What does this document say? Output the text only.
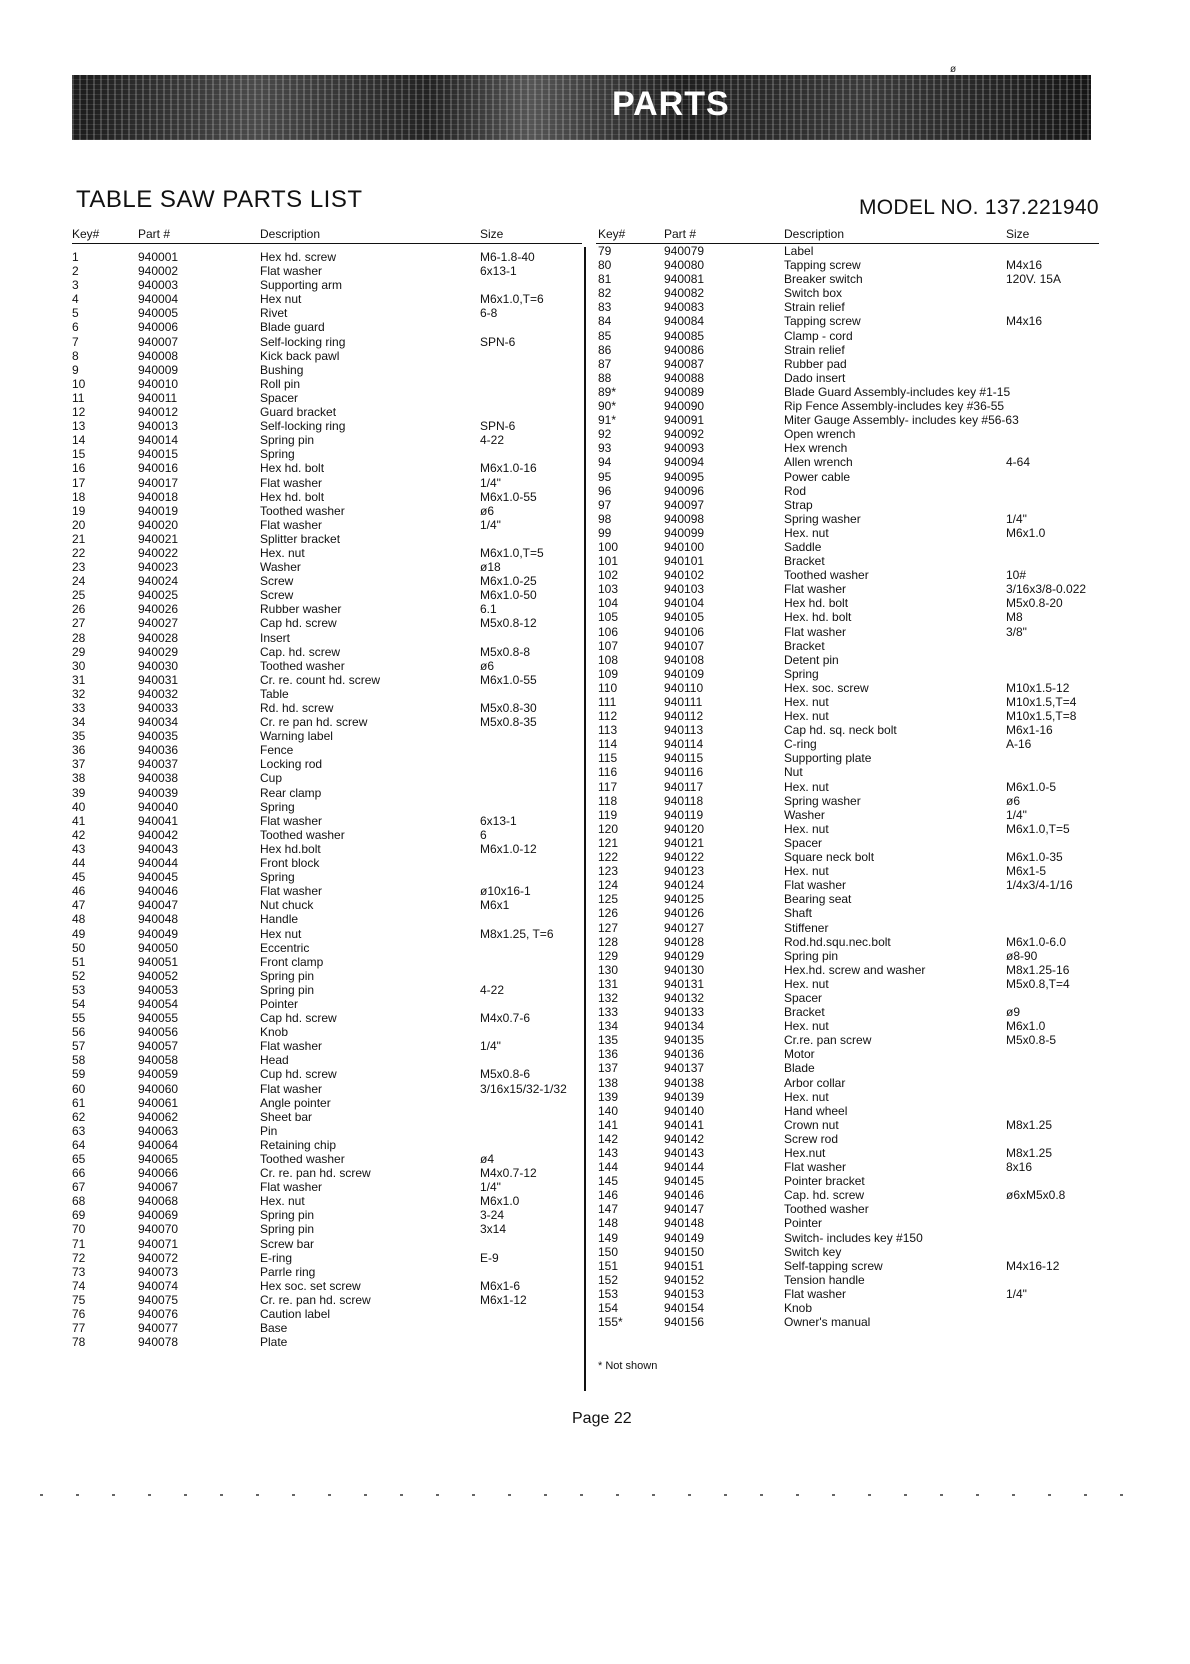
PARTS
TABLE SAW PARTS LIST	MODEL NO. 137.221940
ø
Key#	Part #	Description	Size
1	940001	Hex hd. screw	M6-1.8-40
2	940002	Flat washer	6x13-1
3	940003	Supporting arm
4	940004	Hex nut	M6x1.0,T=6
5	940005	Rivet	6-8
6	940006	Blade guard
7	940007	Self-locking ring	SPN-6
8	940008	Kick back pawl
9	940009	Bushing
10	940010	Roll pin
11	940011	Spacer
12	940012	Guard bracket
13	940013	Self-locking ring	SPN-6
14	940014	Spring pin	4-22
15	940015	Spring
16	940016	Hex hd. bolt	M6x1.0-16
17	940017	Flat washer	1/4"
18	940018	Hex hd. bolt	M6x1.0-55
19	940019	Toothed washer	ø6
20	940020	Flat washer	1/4"
21	940021	Splitter bracket
22	940022	Hex. nut	M6x1.0,T=5
23	940023	Washer	ø18
24	940024	Screw	M6x1.0-25
25	940025	Screw	M6x1.0-50
26	940026	Rubber washer	6.1
27	940027	Cap hd. screw	M5x0.8-12
28	940028	Insert
29	940029	Cap. hd. screw	M5x0.8-8
30	940030	Toothed washer	ø6
31	940031	Cr. re. count hd. screw	M6x1.0-55
32	940032	Table
33	940033	Rd. hd. screw	M5x0.8-30
34	940034	Cr. re pan hd. screw	M5x0.8-35
35	940035	Warning label
36	940036	Fence
37	940037	Locking rod
38	940038	Cup
39	940039	Rear clamp
40	940040	Spring
41	940041	Flat washer	6x13-1
42	940042	Toothed washer	6
43	940043	Hex hd.bolt	M6x1.0-12
44	940044	Front block
45	940045	Spring
46	940046	Flat washer	ø10x16-1
47	940047	Nut chuck	M6x1
48	940048	Handle
49	940049	Hex nut	M8x1.25, T=6
50	940050	Eccentric
51	940051	Front clamp
52	940052	Spring pin
53	940053	Spring pin	4-22
54	940054	Pointer
55	940055	Cap hd. screw	M4x0.7-6
56	940056	Knob
57	940057	Flat washer	1/4"
58	940058	Head
59	940059	Cup hd. screw	M5x0.8-6
60	940060	Flat washer	3/16x15/32-1/32
61	940061	Angle pointer
62	940062	Sheet bar
63	940063	Pin
64	940064	Retaining chip
65	940065	Toothed washer	ø4
66	940066	Cr. re. pan hd. screw	M4x0.7-12
67	940067	Flat washer	1/4"
68	940068	Hex. nut	M6x1.0
69	940069	Spring pin	3-24
70	940070	Spring pin	3x14
71	940071	Screw bar
72	940072	E-ring	E-9
73	940073	Parrle ring
74	940074	Hex soc. set screw	M6x1-6
75	940075	Cr. re. pan hd. screw	M6x1-12
76	940076	Caution label
77	940077	Base
78	940078	Plate
Key#	Part #	Description	Size
79	940079	Label
80	940080	Tapping screw	M4x16
81	940081	Breaker switch	120V. 15A
82	940082	Switch box
83	940083	Strain relief
84	940084	Tapping screw	M4x16
85	940085	Clamp - cord
86	940086	Strain relief
87	940087	Rubber pad
88	940088	Dado insert
89*	940089	Blade Guard Assembly-includes key #1-15
90*	940090	Rip Fence Assembly-includes key #36-55
91*	940091	Miter Gauge Assembly- includes key #56-63
92	940092	Open wrench
93	940093	Hex wrench
94	940094	Allen wrench	4-64
95	940095	Power cable
96	940096	Rod
97	940097	Strap
98	940098	Spring washer	1/4"
99	940099	Hex. nut	M6x1.0
100	940100	Saddle
101	940101	Bracket
102	940102	Toothed washer	10#
103	940103	Flat washer	3/16x3/8-0.022
104	940104	Hex hd. bolt	M5x0.8-20
105	940105	Hex. hd. bolt	M8
106	940106	Flat washer	3/8"
107	940107	Bracket
108	940108	Detent pin
109	940109	Spring
110	940110	Hex. soc. screw	M10x1.5-12
111	940111	Hex. nut	M10x1.5,T=4
112	940112	Hex. nut	M10x1.5,T=8
113	940113	Cap hd. sq. neck bolt	M6x1-16
114	940114	C-ring	A-16
115	940115	Supporting plate
116	940116	Nut
117	940117	Hex. nut	M6x1.0-5
118	940118	Spring washer	ø6
119	940119	Washer	1/4"
120	940120	Hex. nut	M6x1.0,T=5
121	940121	Spacer
122	940122	Square neck bolt	M6x1.0-35
123	940123	Hex. nut	M6x1-5
124	940124	Flat washer	1/4x3/4-1/16
125	940125	Bearing seat
126	940126	Shaft
127	940127	Stiffener
128	940128	Rod.hd.squ.nec.bolt	M6x1.0-6.0
129	940129	Spring pin	ø8-90
130	940130	Hex.hd. screw and washer	M8x1.25-16
131	940131	Hex. nut	M5x0.8,T=4
132	940132	Spacer
133	940133	Bracket	ø9
134	940134	Hex. nut	M6x1.0
135	940135	Cr.re. pan screw	M5x0.8-5
136	940136	Motor
137	940137	Blade
138	940138	Arbor collar
139	940139	Hex. nut
140	940140	Hand wheel
141	940141	Crown nut	M8x1.25
142	940142	Screw rod
143	940143	Hex.nut	M8x1.25
144	940144	Flat washer	8x16
145	940145	Pointer bracket
146	940146	Cap. hd. screw	ø6xM5x0.8
147	940147	Toothed washer
148	940148	Pointer
149	940149	Switch- includes key #150
150	940150	Switch key
151	940151	Self-tapping screw	M4x16-12
152	940152	Tension handle
153	940153	Flat washer	1/4"
154	940154	Knob
155*	940156	Owner's manual
* Not shown
Page 22
